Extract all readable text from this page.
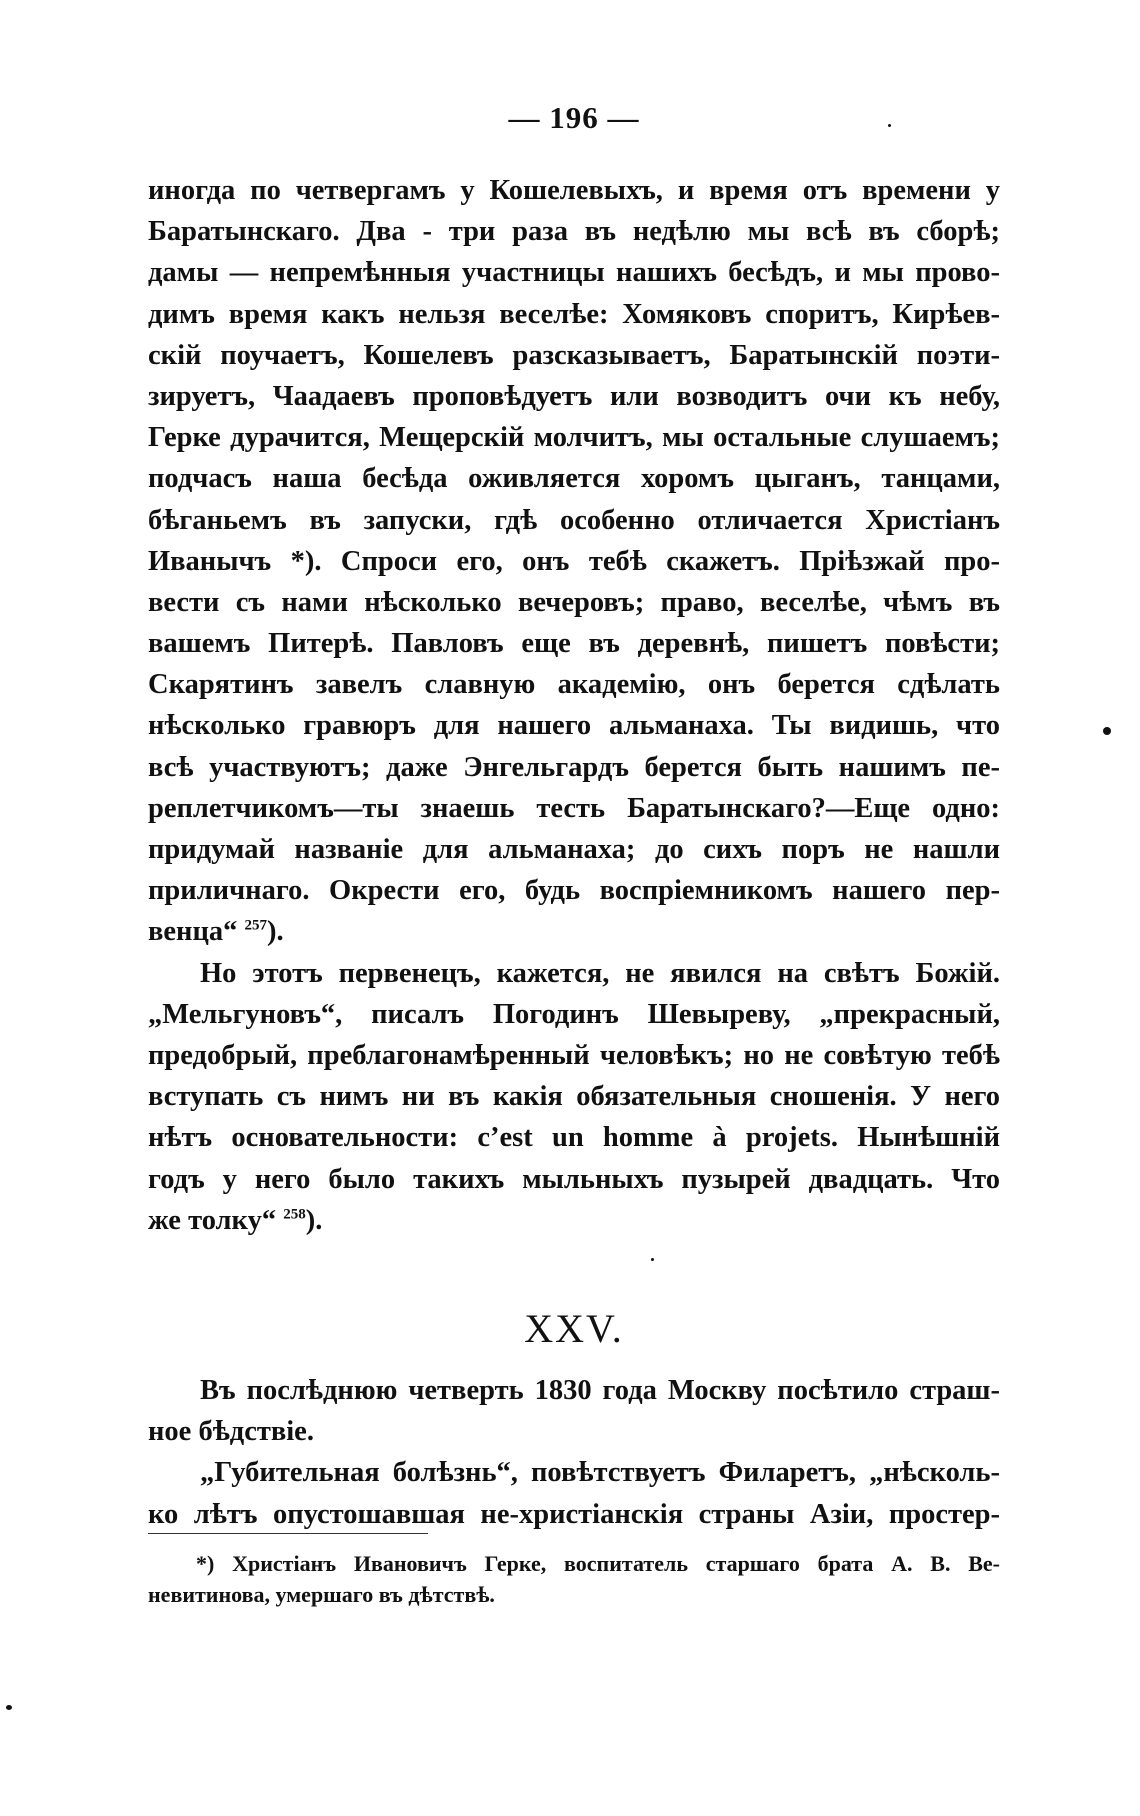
— 196 —
иногда по четвергамъ у Кошелевыхъ, и время отъ времени у
Баратынскаго. Два - три раза въ недѣлю мы всѣ въ сборѣ;
дамы — непремѣнныя участницы нашихъ бесѣдъ, и мы прово-
димъ время какъ нельзя веселѣе: Хомяковъ споритъ, Кирѣев-
скій поучаетъ, Кошелевъ разсказываетъ, Баратынскій поэти-
зируетъ, Чаадаевъ проповѣдуетъ или возводитъ очи къ небу,
Герке дурачится, Мещерскій молчитъ, мы остальные слушаемъ;
подчасъ наша бесѣда оживляется хоромъ цыганъ, танцами,
бѣганьемъ въ запуски, гдѣ особенно отличается Христіанъ
Иванычъ *). Спроси его, онъ тебѣ скажетъ. Пріѣзжай про-
вести съ нами нѣсколько вечеровъ; право, веселѣе, чѣмъ въ
вашемъ Питерѣ. Павловъ еще въ деревнѣ, пишетъ повѣсти;
Скарятинъ завелъ славную академію, онъ берется сдѣлать
нѣсколько гравюръ для нашего альманаха. Ты видишь, что
всѣ участвуютъ; даже Энгельгардъ берется быть нашимъ пе-
реплетчикомъ—ты знаешь тесть Баратынскаго?—Еще одно:
придумай названіе для альманаха; до сихъ поръ не нашли
приличнаго. Окрести его, будь воспріемникомъ нашего пер-
венца“ $^{257}$).
Но этотъ первенецъ, кажется, не явился на свѣтъ Божій.
„Мельгуновъ“, писалъ Погодинъ Шевыреву, „прекрасный,
предобрый, преблагонамѣренный человѣкъ; но не совѣтую тебѣ
вступать съ нимъ ни въ какія обязательныя сношенія. У него
нѣтъ основательности: c’est un homme à projets. Нынѣшній
годъ у него было такихъ мыльныхъ пузырей двадцать. Что
же толку“ $^{258}$).
XXV.
Въ послѣднюю четверть 1830 года Москву посѣтило страш-
ное бѣдствіе.
„Губительная болѣзнь“, повѣтствуетъ Филаретъ, „нѣсколь-
ко лѣтъ опустошавшая не-христіанскія страны Азіи, простер-
*) Христіанъ Ивановичъ Герке, воспитатель старшаго брата А. В. Ве-
невитинова, умершаго въ дѣтствѣ.
